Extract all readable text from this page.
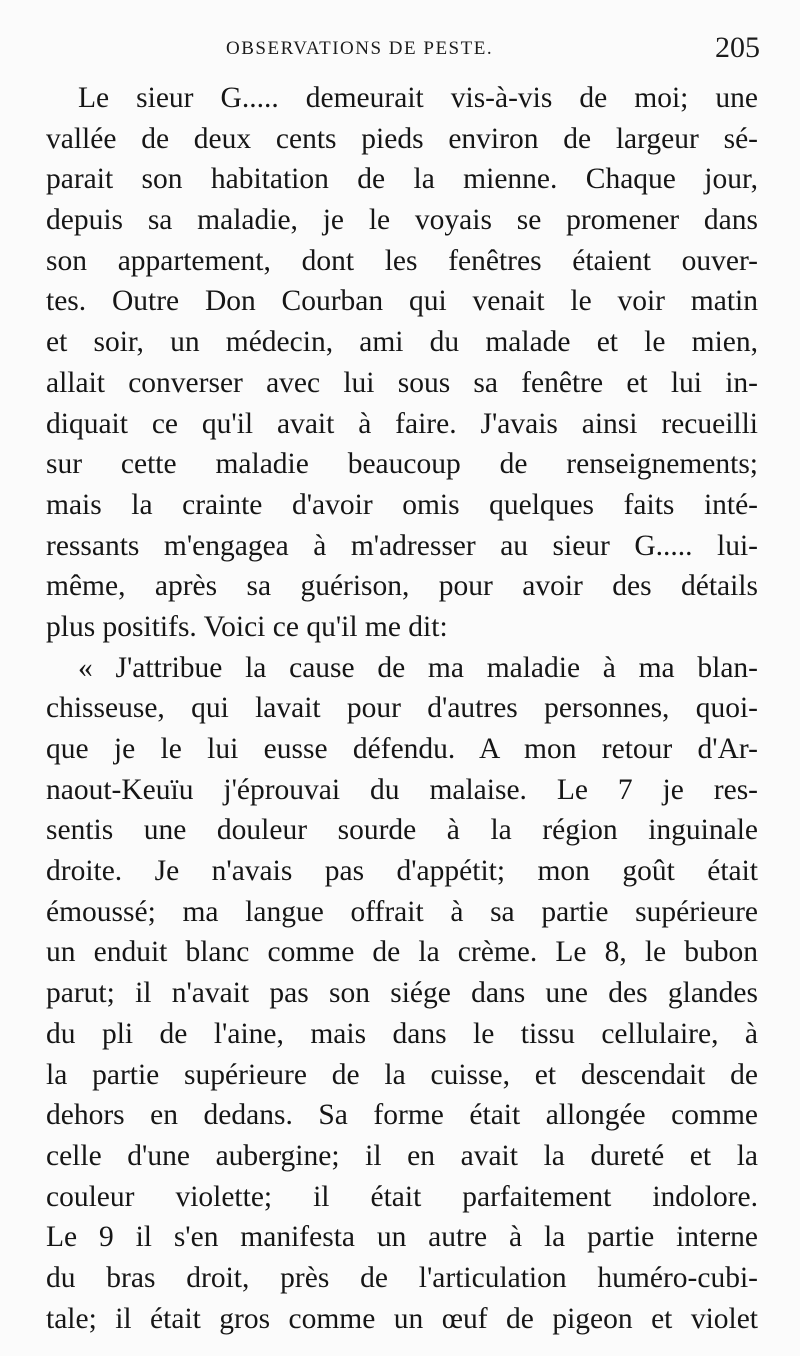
OBSERVATIONS DE PESTE.	205
Le sieur G..... demeurait vis-à-vis de moi; une
vallée de deux cents pieds environ de largeur sé-
parait son habitation de la mienne. Chaque jour,
depuis sa maladie, je le voyais se promener dans
son appartement, dont les fenêtres étaient ouver-
tes. Outre Don Courban qui venait le voir matin
et soir, un médecin, ami du malade et le mien,
allait converser avec lui sous sa fenêtre et lui in-
diquait ce qu'il avait à faire. J'avais ainsi recueilli
sur cette maladie beaucoup de renseignements;
mais la crainte d'avoir omis quelques faits inté-
ressants m'engagea à m'adresser au sieur G..... lui-
même, après sa guérison, pour avoir des détails
plus positifs. Voici ce qu'il me dit:
« J'attribue la cause de ma maladie à ma blan-
chisseuse, qui lavait pour d'autres personnes, quoi-
que je le lui eusse défendu. A mon retour d'Ar-
naout-Keuïu j'éprouvai du malaise. Le 7 je res-
sentis une douleur sourde à la région inguinale
droite. Je n'avais pas d'appétit; mon goût était
émoussé; ma langue offrait à sa partie supérieure
un enduit blanc comme de la crème. Le 8, le bubon
parut; il n'avait pas son siége dans une des glandes
du pli de l'aine, mais dans le tissu cellulaire, à
la partie supérieure de la cuisse, et descendait de
dehors en dedans. Sa forme était allongée comme
celle d'une aubergine; il en avait la dureté et la
couleur violette; il était parfaitement indolore.
Le 9 il s'en manifesta un autre à la partie interne
du bras droit, près de l'articulation huméro-cubi-
tale; il était gros comme un œuf de pigeon et violet
